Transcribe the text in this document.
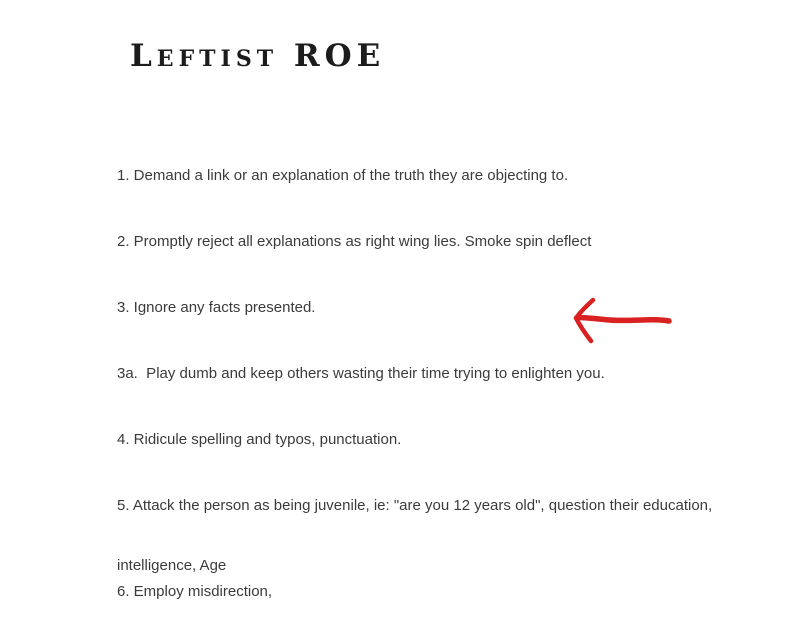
Leftist ROE

1. Demand a link or an explanation of the truth they are objecting to.

2. Promptly reject all explanations as right wing lies. Smoke spin deflect

3. Ignore any facts presented.

3a.  Play dumb and keep others wasting their time trying to enlighten you.

4. Ridicule spelling and typos, punctuation.

5. Attack the person as being juvenile, ie: "are you 12 years old", question their education,

intelligence, Age

6. Employ misdirection,
